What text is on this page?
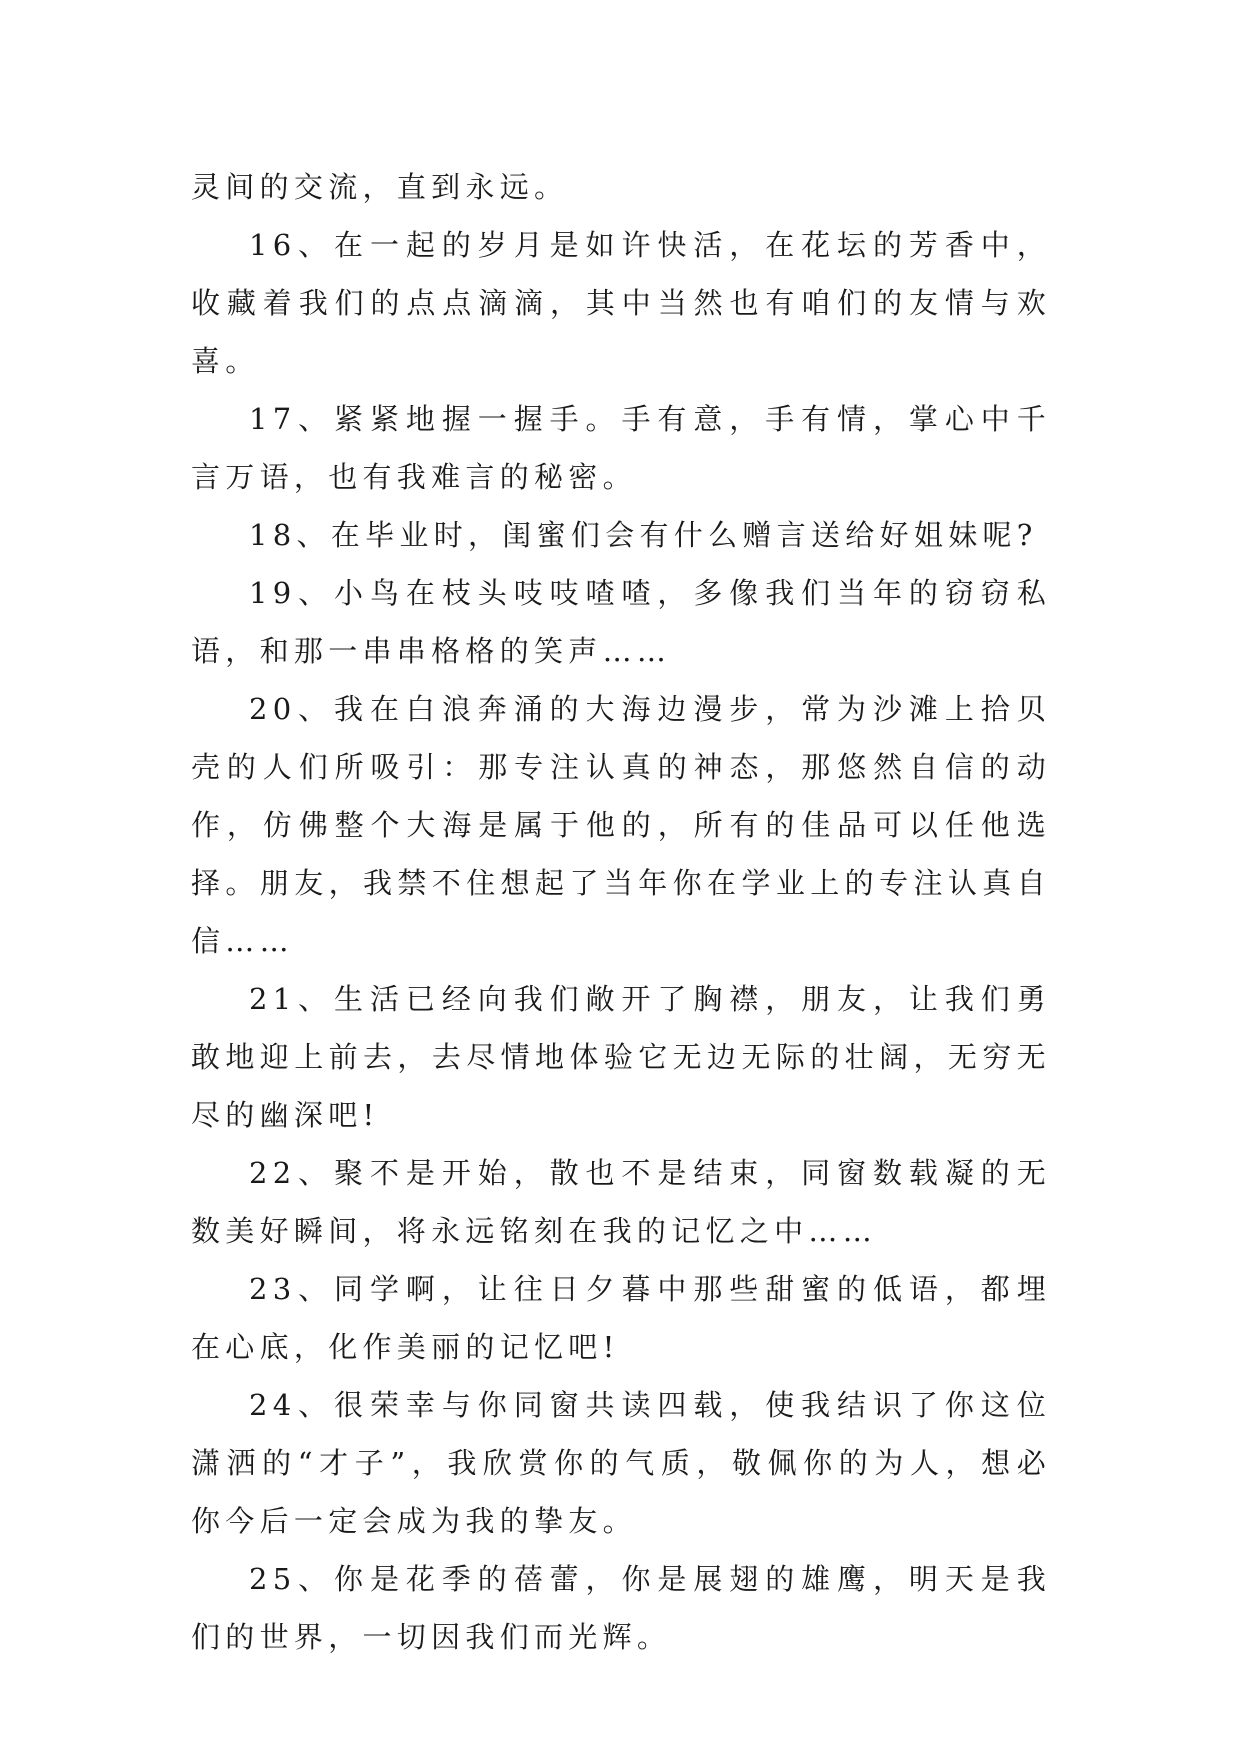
灵间的交流，直到永远。

16、在一起的岁月是如许快活，在花坛的芳香中，收藏着我们的点点滴滴，其中当然也有咱们的友情与欢喜。

17、紧紧地握一握手。手有意，手有情，掌心中千言万语，也有我难言的秘密。

18、在毕业时，闺蜜们会有什么赠言送给好姐妹呢?

19、小鸟在枝头吱吱喳喳，多像我们当年的窃窃私语，和那一串串格格的笑声……

20、我在白浪奔涌的大海边漫步，常为沙滩上拾贝壳的人们所吸引：那专注认真的神态，那悠然自信的动作，仿佛整个大海是属于他的，所有的佳品可以任他选择。朋友，我禁不住想起了当年你在学业上的专注认真自信……

21、生活已经向我们敞开了胸襟，朋友，让我们勇敢地迎上前去，去尽情地体验它无边无际的壮阔，无穷无尽的幽深吧!

22、聚不是开始，散也不是结束，同窗数载凝的无数美好瞬间，将永远铭刻在我的记忆之中……

23、同学啊，让往日夕暮中那些甜蜜的低语，都埋在心底，化作美丽的记忆吧!

24、很荣幸与你同窗共读四载，使我结识了你这位潇洒的“才子”，我欣赏你的气质，敬佩你的为人，想必你今后一定会成为我的挚友。

25、你是花季的蓓蕾，你是展翅的雄鹰，明天是我们的世界，一切因我们而光辉。
